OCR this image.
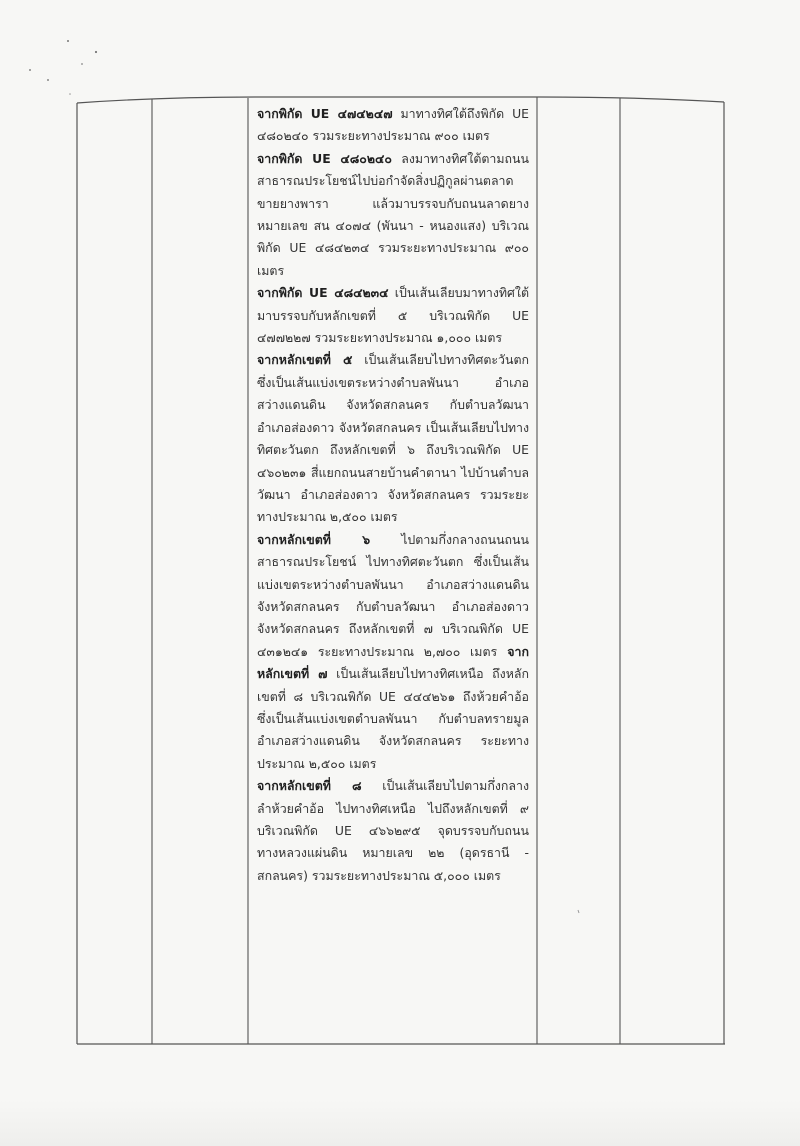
จากพิกัด UE ๔๗๔๒๔๗ มาทางทิศใต้ถึงพิกัด UE ๔๘๐๒๔๐ รวมระยะทางประมาณ ๙๐๐ เมตร

จากพิกัด UE ๔๘๐๒๔๐ ลงมาทางทิศใต้ตามถนนสาธารณประโยชน์ไปบ่อกำจัดสิ่งปฏิกูลผ่านตลาดขายยางพารา แล้วมาบรรจบกับถนนลาดยาง หมายเลข สน ๔๐๗๔ (พันนา - หนองแสง) บริเวณพิกัด UE ๔๘๔๒๓๔ รวมระยะทางประมาณ ๙๐๐ เมตร

จากพิกัด UE ๔๘๔๒๓๔ เป็นเส้นเลียบมาทางทิศใต้มาบรรจบกับหลักเขตที่ ๕ บริเวณพิกัด UE ๔๗๗๒๒๗ รวมระยะทางประมาณ ๑,๐๐๐ เมตร

จากหลักเขตที่ ๕ เป็นเส้นเลียบไปทางทิศตะวันตก ซึ่งเป็นเส้นแบ่งเขตระหว่างตำบลพันนา อำเภอสว่างแดนดิน จังหวัดสกลนคร กับตำบลวัฒนา อำเภอส่องดาว จังหวัดสกลนคร เป็นเส้นเลียบไปทางทิศตะวันตก ถึงหลักเขตที่ ๖ ถึงบริเวณพิกัด UE ๔๖๐๒๓๑ สี่แยกถนนสายบ้านคำตานา ไปบ้านตำบลวัฒนา อำเภอส่องดาว จังหวัดสกลนคร รวมระยะทางประมาณ ๒,๕๐๐ เมตร

จากหลักเขตที่ ๖ ไปตามกึ่งกลางถนนถนนสาธารณประโยชน์ ไปทางทิศตะวันตก ซึ่งเป็นเส้นแบ่งเขตระหว่างตำบลพันนา อำเภอสว่างแดนดิน จังหวัดสกลนคร กับตำบลวัฒนา อำเภอส่องดาว จังหวัดสกลนคร ถึงหลักเขตที่ ๗ บริเวณพิกัด UE ๔๓๑๒๔๑ ระยะทางประมาณ ๒,๗๐๐ เมตร จากหลักเขตที่ ๗ เป็นเส้นเลียบไปทางทิศเหนือ ถึงหลักเขตที่ ๘ บริเวณพิกัด UE ๔๔๔๒๖๑ ถึงห้วยคำอ้อ ซึ่งเป็นเส้นแบ่งเขตตำบลพันนา กับตำบลทรายมูล อำเภอสว่างแดนดิน จังหวัดสกลนคร ระยะทางประมาณ ๒,๕๐๐ เมตร

จากหลักเขตที่ ๘ เป็นเส้นเลียบไปตามกึ่งกลางลำห้วยคำอ้อ ไปทางทิศเหนือ ไปถึงหลักเขตที่ ๙ บริเวณพิกัด UE ๔๖๖๒๙๕ จุดบรรจบกับถนนทางหลวงแผ่นดิน หมายเลข ๒๒ (อุดรธานี - สกลนคร) รวมระยะทางประมาณ ๕,๐๐๐ เมตร
